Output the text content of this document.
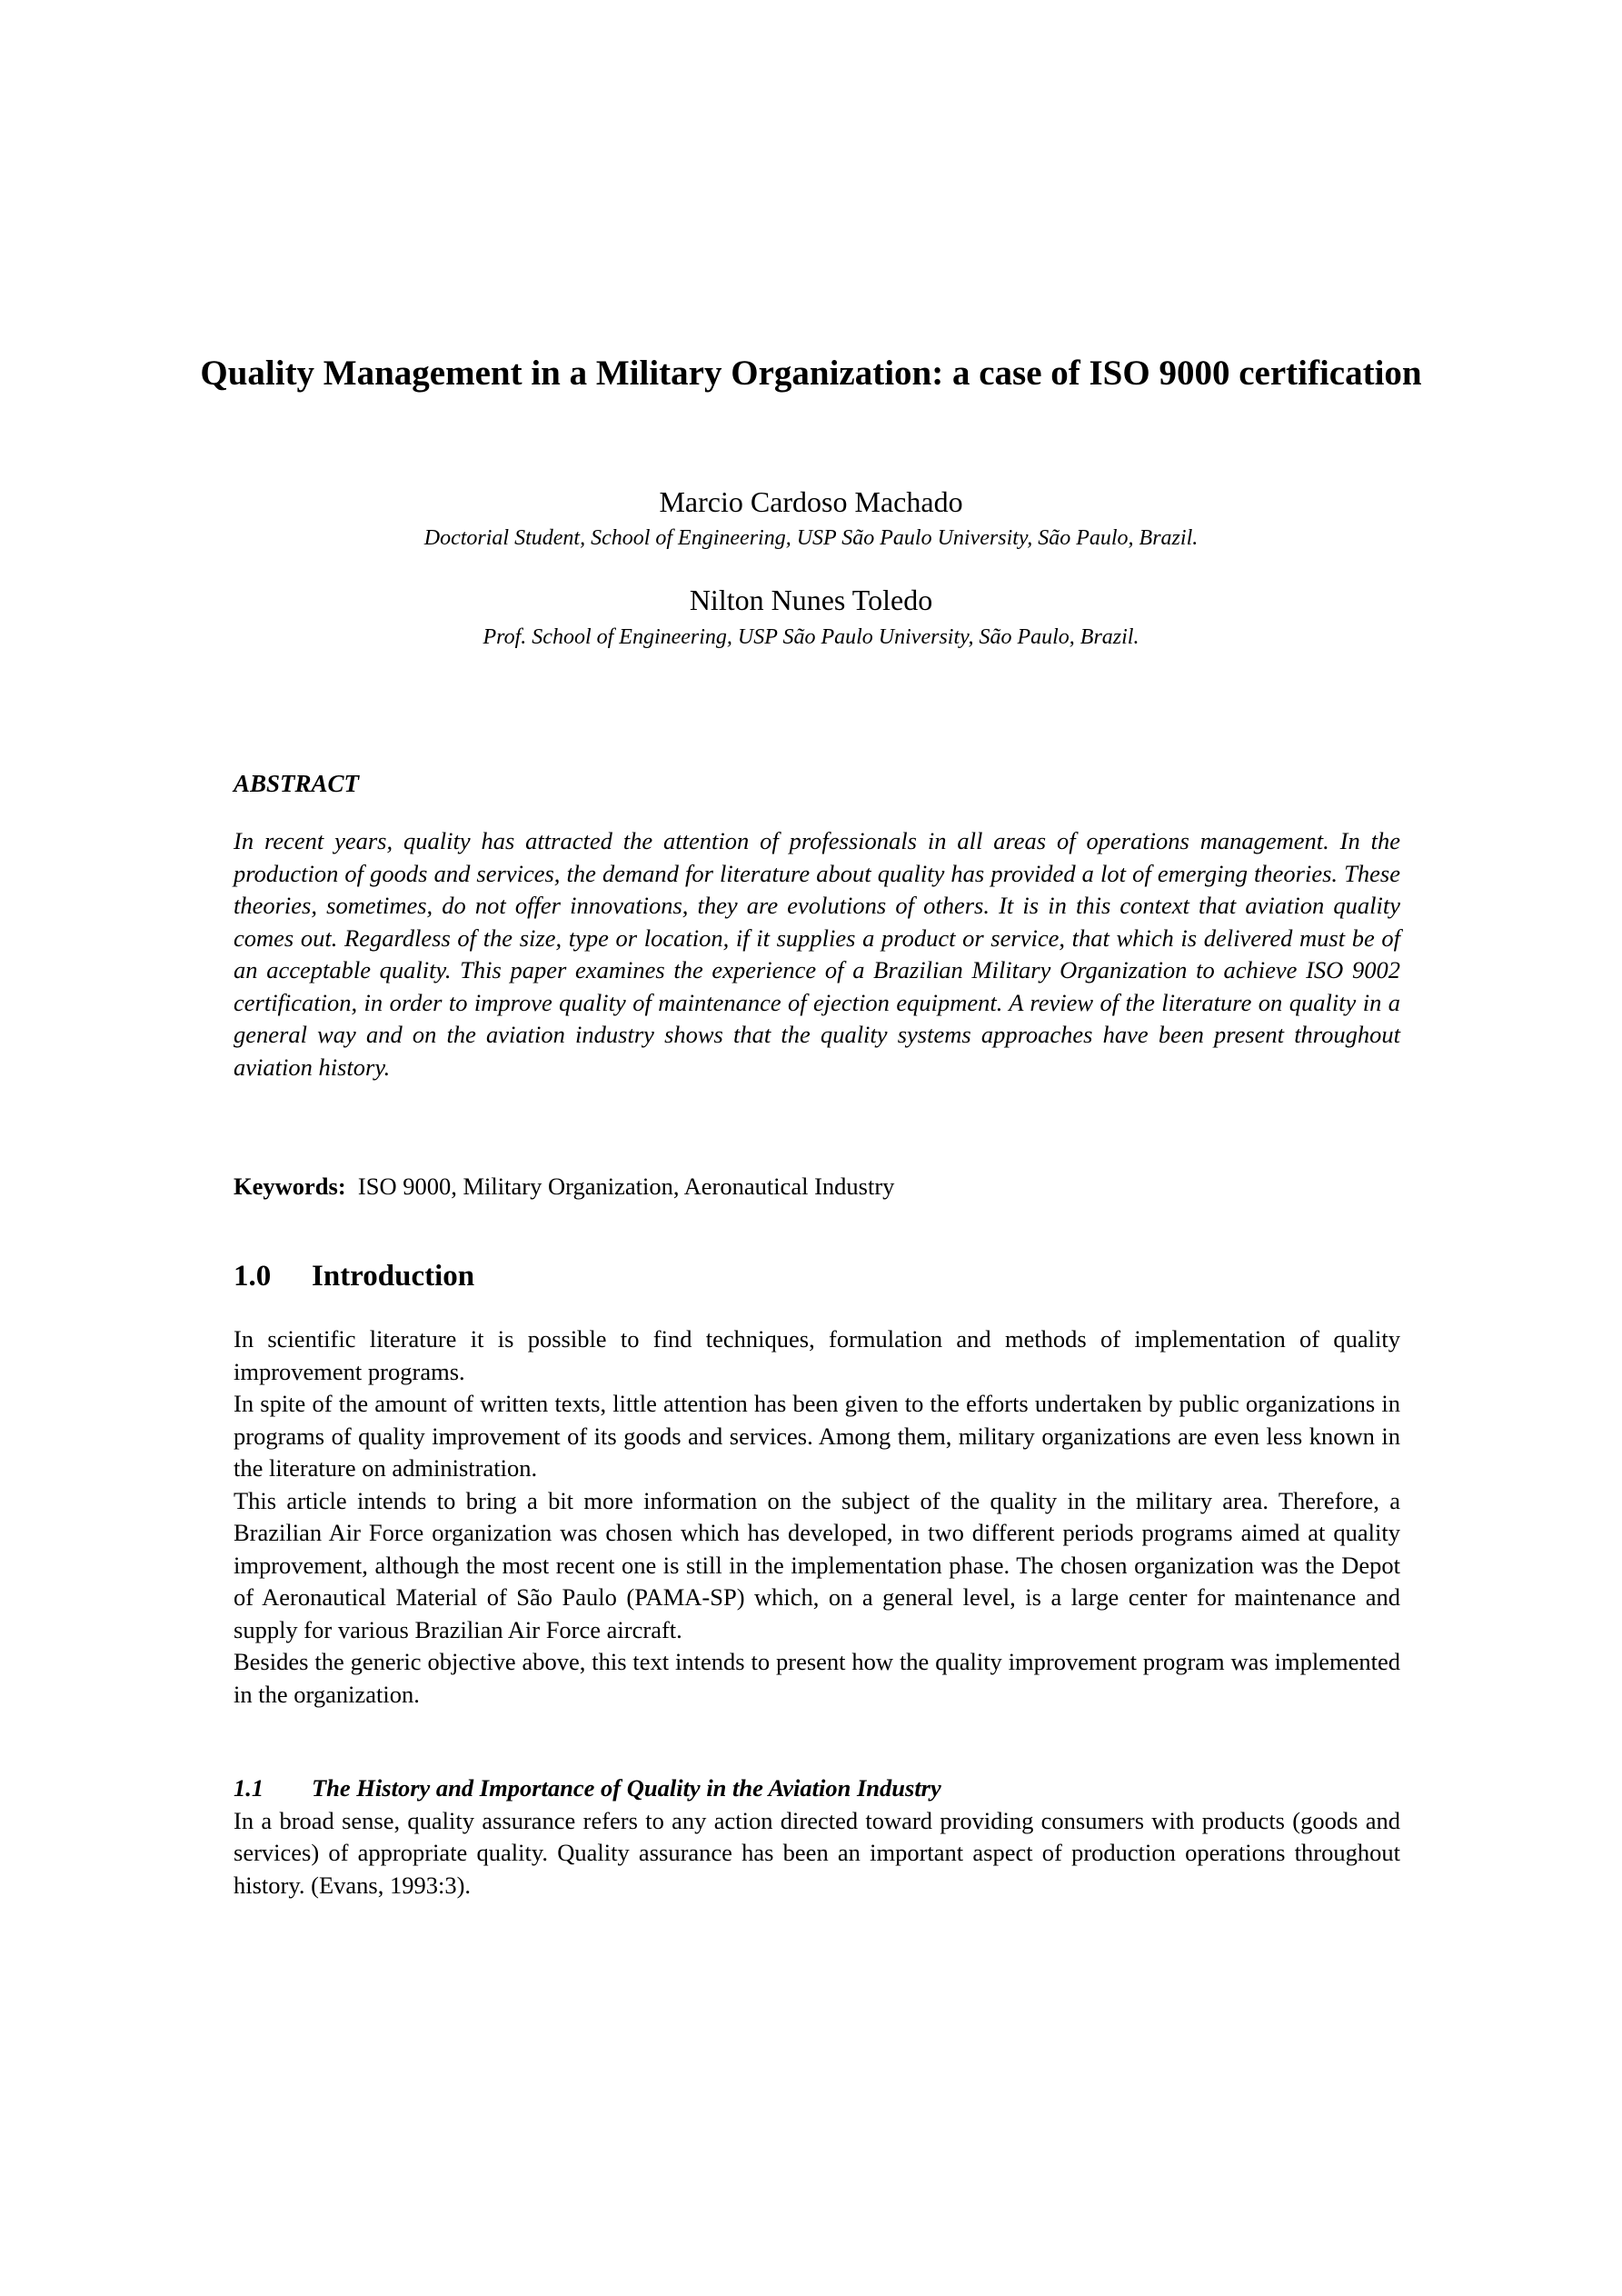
Quality Management in a Military Organization: a case of ISO 9000 certification

Marcio Cardoso Machado

Doctorial Student, School of Engineering, USP São Paulo University, São Paulo, Brazil.

Nilton Nunes Toledo

Prof. School of Engineering, USP São Paulo University, São Paulo, Brazil.

ABSTRACT

In recent years, quality has attracted the attention of professionals in all areas of operations management. In the production of goods and services, the demand for literature about quality has provided a lot of emerging theories. These theories, sometimes, do not offer innovations, they are evolutions of others. It is in this context that aviation quality comes out. Regardless of the size, type or location, if it supplies a product or service, that which is delivered must be of an acceptable quality. This paper examines the experience of a Brazilian Military Organization to achieve ISO 9002 certification, in order to improve quality of maintenance of ejection equipment. A review of the literature on quality in a general way and on the aviation industry shows that the quality systems approaches have been present throughout aviation history.

Keywords: ISO 9000, Military Organization, Aeronautical Industry

1.0 Introduction

In scientific literature it is possible to find techniques, formulation and methods of implementation of quality improvement programs.

In spite of the amount of written texts, little attention has been given to the efforts undertaken by public organizations in programs of quality improvement of its goods and services. Among them, military organizations are even less known in the literature on administration.

This article intends to bring a bit more information on the subject of the quality in the military area. Therefore, a Brazilian Air Force organization was chosen which has developed, in two different periods programs aimed at quality improvement, although the most recent one is still in the implementation phase. The chosen organization was the Depot of Aeronautical Material of São Paulo (PAMA-SP) which, on a general level, is a large center for maintenance and supply for various Brazilian Air Force aircraft.

Besides the generic objective above, this text intends to present how the quality improvement program was implemented in the organization.

1.1 The History and Importance of Quality in the Aviation Industry

In a broad sense, quality assurance refers to any action directed toward providing consumers with products (goods and services) of appropriate quality. Quality assurance has been an important aspect of production operations throughout history. (Evans, 1993:3).
